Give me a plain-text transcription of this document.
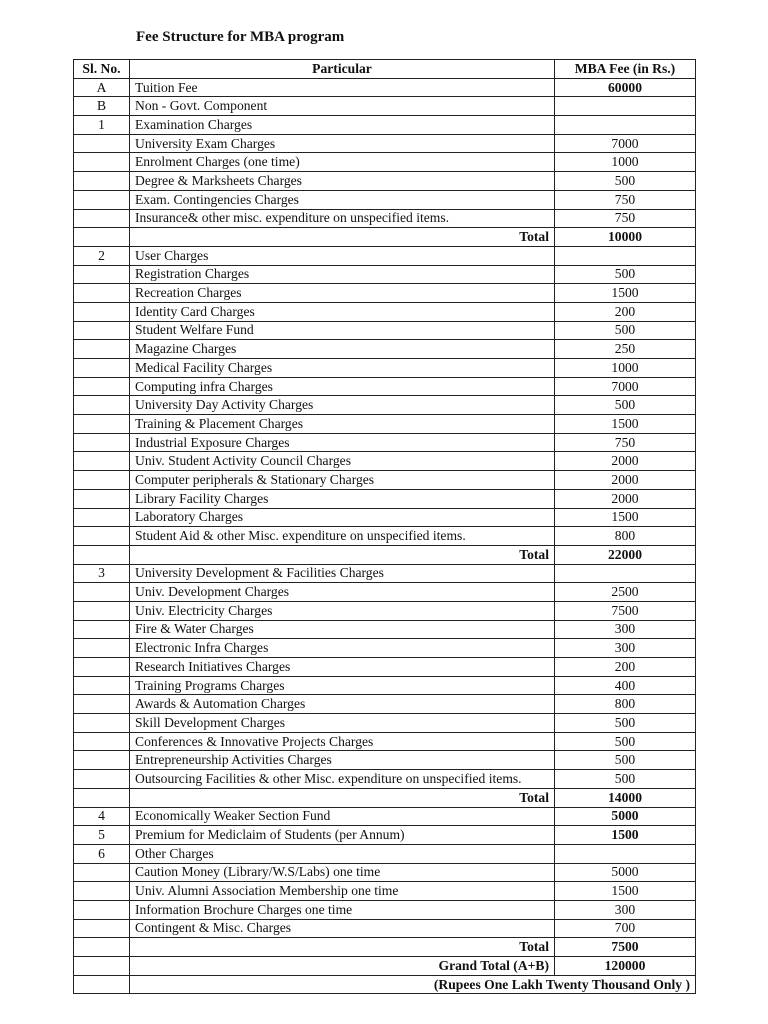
Fee Structure for MBA program
Sl. No.	Particular	MBA Fee (in Rs.)
A	Tuition Fee	60000
B	Non - Govt. Component	
1	Examination Charges	
	University Exam Charges	7000
	Enrolment Charges (one time)	1000
	Degree & Marksheets Charges	500
	Exam. Contingencies Charges	750
	Insurance& other misc. expenditure on unspecified items.	750
	Total	10000
2	User Charges	
	Registration Charges	500
	Recreation Charges	1500
	Identity Card Charges	200
	Student Welfare Fund	500
	Magazine Charges	250
	Medical Facility Charges	1000
	Computing infra Charges	7000
	University Day Activity Charges	500
	Training & Placement Charges	1500
	Industrial Exposure Charges	750
	Univ. Student Activity Council Charges	2000
	Computer peripherals & Stationary Charges	2000
	Library Facility Charges	2000
	Laboratory Charges	1500
	Student Aid & other Misc. expenditure on unspecified items.	800
	Total	22000
3	University Development & Facilities Charges	
	Univ. Development Charges	2500
	Univ. Electricity Charges	7500
	Fire & Water Charges	300
	Electronic Infra Charges	300
	Research Initiatives Charges	200
	Training Programs Charges	400
	Awards & Automation Charges	800
	Skill Development Charges	500
	Conferences & Innovative Projects Charges	500
	Entrepreneurship Activities Charges	500
	Outsourcing Facilities & other Misc. expenditure on unspecified items.	500
	Total	14000
4	Economically Weaker Section Fund	5000
5	Premium for Mediclaim of Students (per Annum)	1500
6	Other Charges	
	Caution Money (Library/W.S/Labs) one time	5000
	Univ. Alumni Association Membership one time	1500
	Information Brochure Charges one time	300
	Contingent & Misc. Charges	700
	Total	7500
	Grand Total (A+B)	120000
	(Rupees One Lakh Twenty Thousand Only )	
